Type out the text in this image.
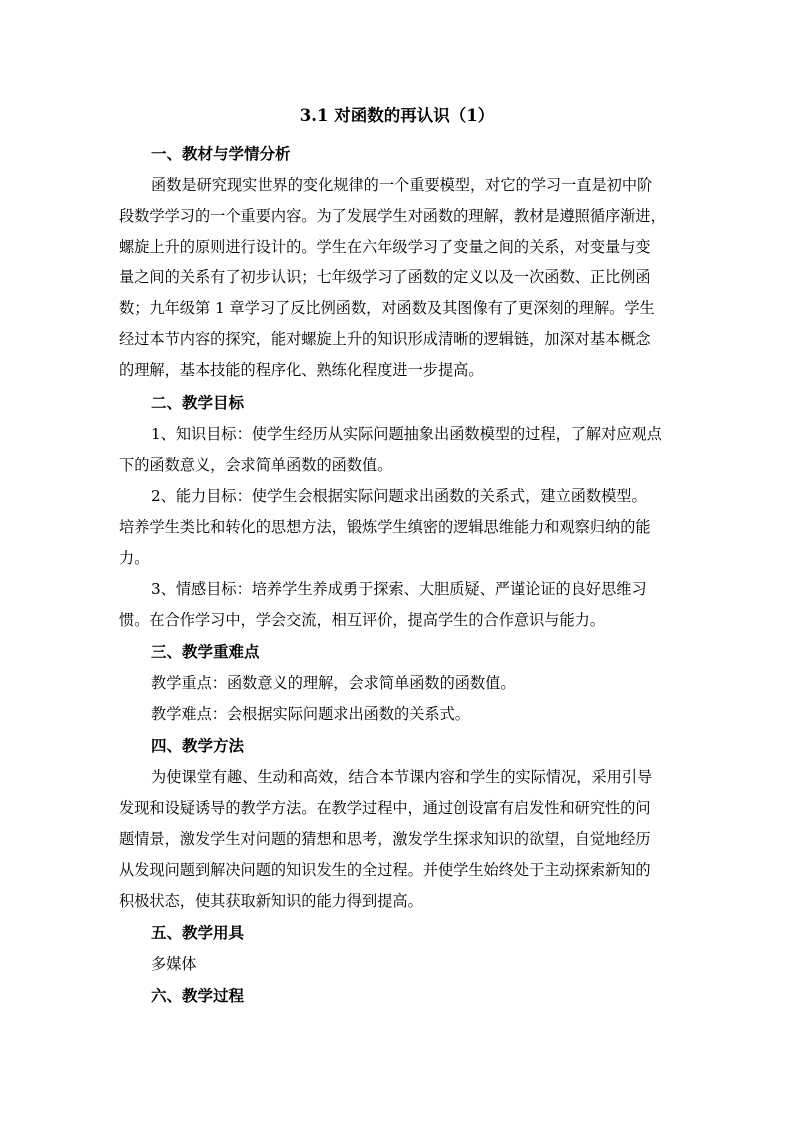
3.1 对函数的再认识（1）
一、教材与学情分析
函数是研究现实世界的变化规律的一个重要模型，对它的学习一直是初中阶
段数学学习的一个重要内容。为了发展学生对函数的理解，教材是遵照循序渐进，
螺旋上升的原则进行设计的。学生在六年级学习了变量之间的关系，对变量与变
量之间的关系有了初步认识；七年级学习了函数的定义以及一次函数、正比例函
数；九年级第 1 章学习了反比例函数，对函数及其图像有了更深刻的理解。学生
经过本节内容的探究，能对螺旋上升的知识形成清晰的逻辑链，加深对基本概念
的理解，基本技能的程序化、熟练化程度进一步提高。
二、教学目标
1、知识目标：使学生经历从实际问题抽象出函数模型的过程，了解对应观点
下的函数意义，会求简单函数的函数值。
2、能力目标：使学生会根据实际问题求出函数的关系式，建立函数模型。
培养学生类比和转化的思想方法，锻炼学生缜密的逻辑思维能力和观察归纳的能
力。
3、情感目标：培养学生养成勇于探索、大胆质疑、严谨论证的良好思维习
惯。在合作学习中，学会交流，相互评价，提高学生的合作意识与能力。
三、教学重难点
教学重点：函数意义的理解，会求简单函数的函数值。
教学难点：会根据实际问题求出函数的关系式。
四、教学方法
为使课堂有趣、生动和高效，结合本节课内容和学生的实际情况，采用引导
发现和设疑诱导的教学方法。在教学过程中，通过创设富有启发性和研究性的问
题情景，激发学生对问题的猜想和思考，激发学生探求知识的欲望，自觉地经历
从发现问题到解决问题的知识发生的全过程。并使学生始终处于主动探索新知的
积极状态，使其获取新知识的能力得到提高。
五、教学用具
多媒体
六、教学过程
